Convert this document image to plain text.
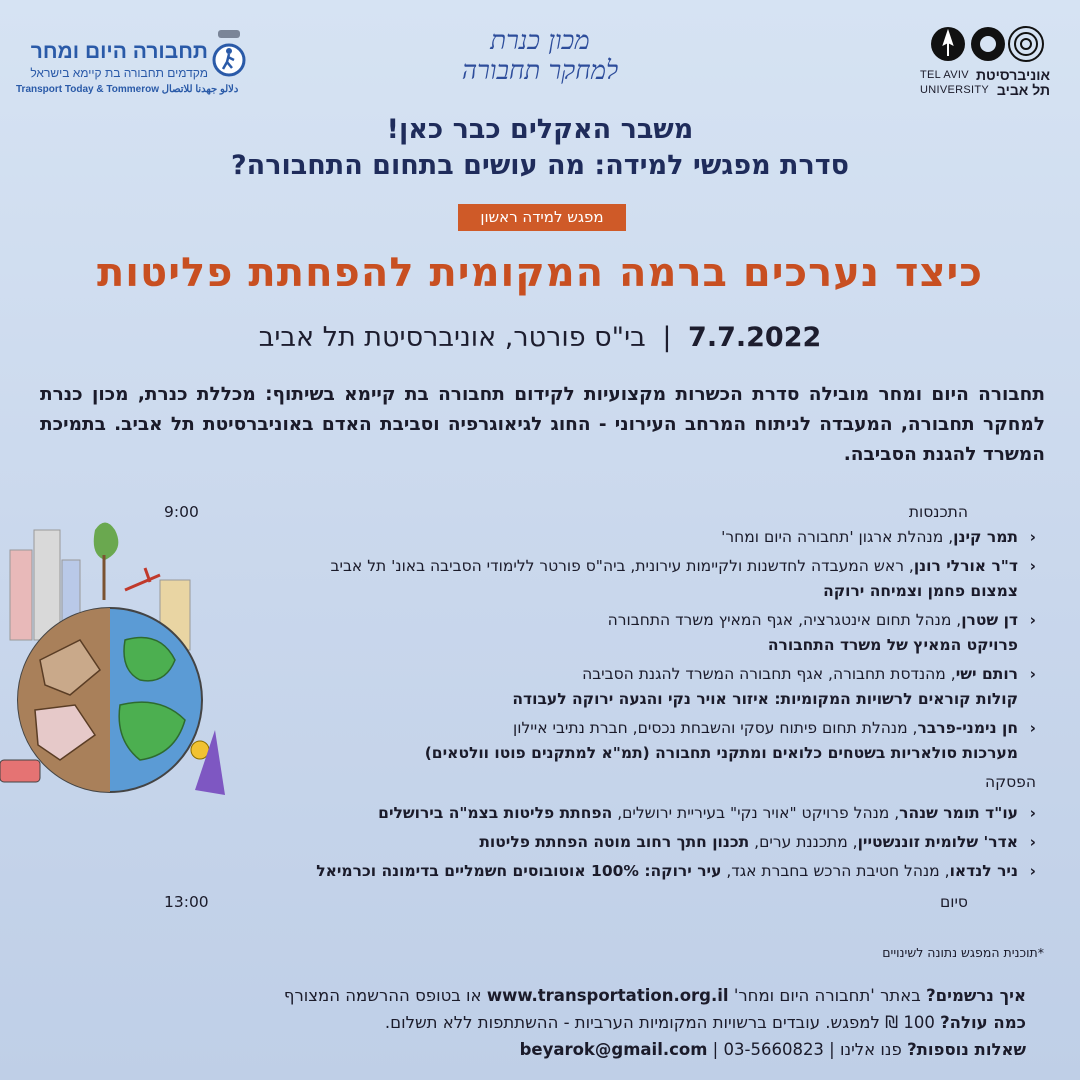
אוניברסיטת תל אביב
TEL AVIV UNIVERSITY
מכון כנרת
למחקר תחבורה
תחבורה היום ומחר
מקדמים תחבורה בת קיימא בישראל
Transport Today & Tommerow دلالو جهدنا للاتصال
משבר האקלים כבר כאן!
סדרת מפגשי למידה: מה עושים בתחום התחבורה?
מפגש למידה ראשון
כיצד נערכים ברמה המקומית להפחתת פליטות
7.7.2022 | בי"ס פורטר, אוניברסיטת תל אביב
תחבורה היום ומחר מובילה סדרת הכשרות מקצועיות לקידום תחבורה בת קיימא בשיתוף: מכללת כנרת, מכון כנרת למחקר תחבורה, המעבדה לניתוח המרחב העירוני - החוג לגיאוגרפיה וסביבת האדם באוניברסיטת תל אביב. בתמיכת המשרד להגנת הסביבה.
9:00	התכנסות
‹ תמר קינן, מנהלת ארגון 'תחבורה היום ומחר'
‹ ד"ר אורלי רונן, ראש המעבדה לחדשנות ולקיימות עירונית, ביה"ס פורטר ללימודי הסביבה באונ' תל אביב
צמצום פחמן וצמיחה ירוקה
‹ דן שטרן, מנהל תחום אינטגרציה, אגף המאיץ משרד התחבורה
פרויקט המאיץ של משרד התחבורה
‹ רותם ישי, מהנדסת תחבורה, אגף תחבורה המשרד להגנת הסביבה
קולות קוראים לרשויות המקומיות: איזור אויר נקי והגעה ירוקה לעבודה
‹ חן נימני-פרבר, מנהלת תחום פיתוח עסקי והשבחת נכסים, חברת נתיבי איילון
מערכות סולאריות בשטחים כלואים ומתקני תחבורה (תמ"א למתקנים פוטו וולטאים)
הפסקה
‹ עו"ד תומר שנהר, מנהל פרויקט "אויר נקי" בעיריית ירושלים, הפחתת פליטות בצמ"ה בירושלים
‹ אדר' שלומית זוננשטיין, מתכננת ערים, תכנון חתך רחוב מוטה הפחתת פליטות
‹ ניר לנדאו, מנהל חטיבת הרכש בחברת אגד, עיר ירוקה: 100% אוטובוסים חשמליים בדימונה וכרמיאל
13:00	סיום
*תוכנית המפגש נתונה לשינויים
איך נרשמים? באתר 'תחבורה היום ומחר' www.transportation.org.il או בטופס ההרשמה המצורף
כמה עולה? 100 ₪ למפגש. עובדים ברשויות המקומיות הערביות - ההשתתפות ללא תשלום.
שאלות נוספות? פנו אלינו | 03-5660823 | beyarok@gmail.com
